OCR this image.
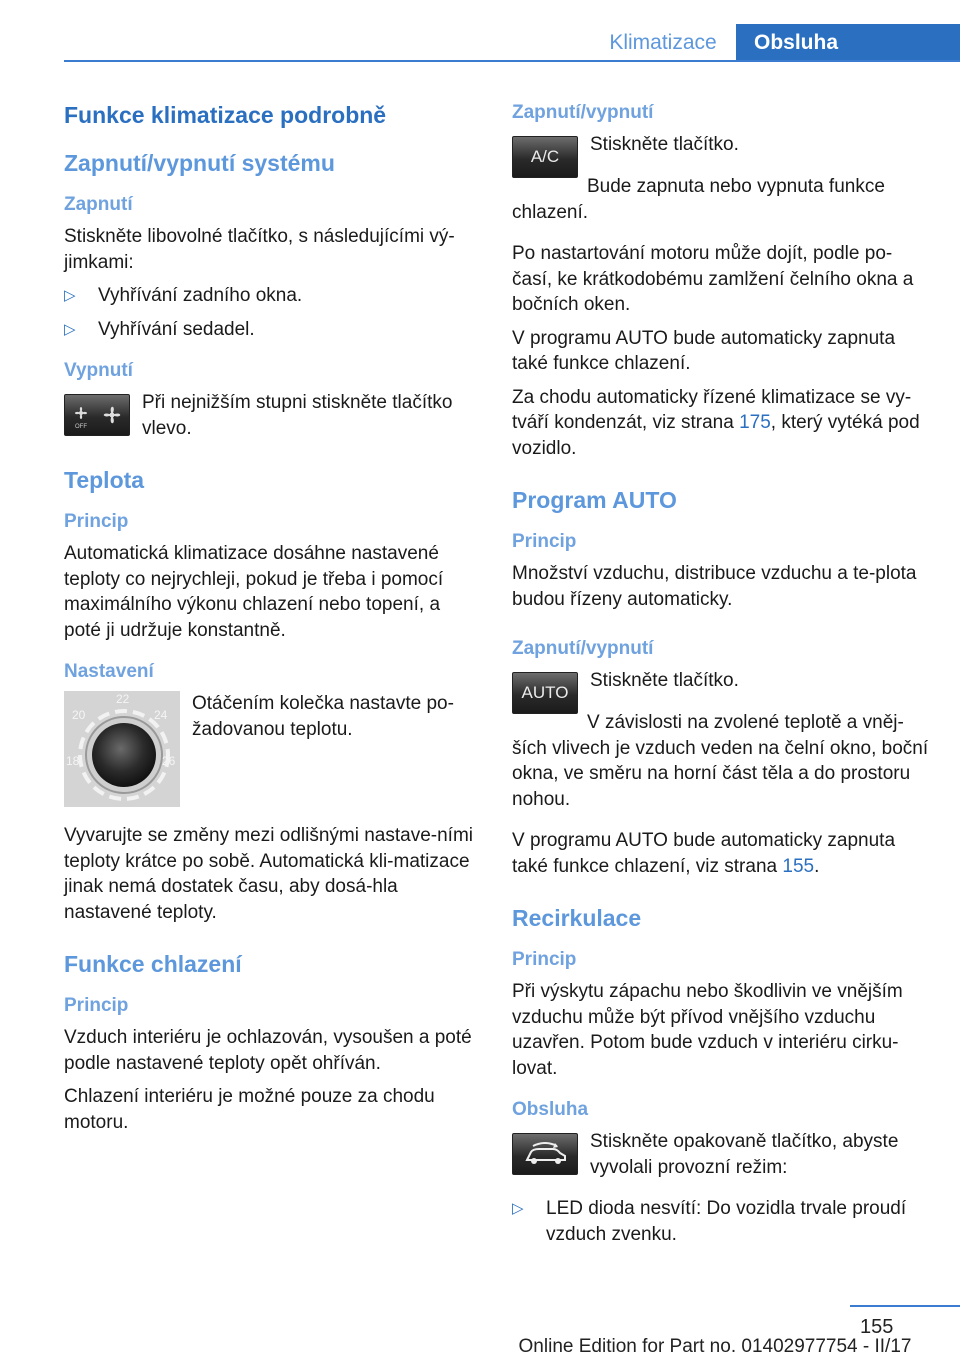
Klimatizace	Obsluha
Funkce klimatizace podrobně
Zapnutí/vypnutí systému
Zapnutí

Stiskněte libovolné tlačítko, s následujícími vý-jimkami:

▷ Vyhřívání zadního okna.
▷ Vyhřívání sedadel.
Vypnutí
OFF

Při nejnižším stupni stiskněte tlačítko vlevo.

Teplota
Princip

Automatická klimatizace dosáhne nastavené teploty co nejrychleji, pokud je třeba i pomocí maximálního výkonu chlazení nebo topení, a poté ji udržuje konstantně.

Nastavení
22
20	24
18	26

Otáčením kolečka nastavte po-žadovanou teplotu.

Vyvarujte se změny mezi odlišnými nastave-ními teploty krátce po sobě. Automatická kli-matizace jinak nemá dostatek času, aby dosá-hla nastavené teploty.

Funkce chlazení
Princip

Vzduch interiéru je ochlazován, vysoušen a poté podle nastavené teploty opět ohříván.

Chlazení interiéru je možné pouze za chodu motoru.

Zapnutí/vypnutí
A/C

Stiskněte tlačítko.

Bude zapnuta nebo vypnuta funkce chlazení.

Po nastartování motoru může dojít, podle po-časí, ke krátkodobému zamlžení čelního okna a bočních oken.

V programu AUTO bude automaticky zapnuta také funkce chlazení.

Za chodu automaticky řízené klimatizace se vy-tváří kondenzát, viz strana 175, který vytéká pod vozidlo.

Program AUTO
Princip

Množství vzduchu, distribuce vzduchu a te-plota budou řízeny automaticky.

Zapnutí/vypnutí
AUTO

Stiskněte tlačítko.

V závislosti na zvolené teplotě a vněj-ších vlivech je vzduch veden na čelní okno, boční okna, ve směru na horní část těla a do prostoru nohou.

V programu AUTO bude automaticky zapnuta také funkce chlazení, viz strana 155.

Recirkulace
Princip

Při výskytu zápachu nebo škodlivin ve vnějším vzduchu může být přívod vnějšího vzduchu uzavřen. Potom bude vzduch v interiéru cirku-lovat.

Obsluha

Stiskněte opakovaně tlačítko, abyste vyvolali provozní režim:

▷ LED dioda nesvítí: Do vozidla trvale proudí vzduch zvenku.
155
Online Edition for Part no. 01402977754 - II/17
